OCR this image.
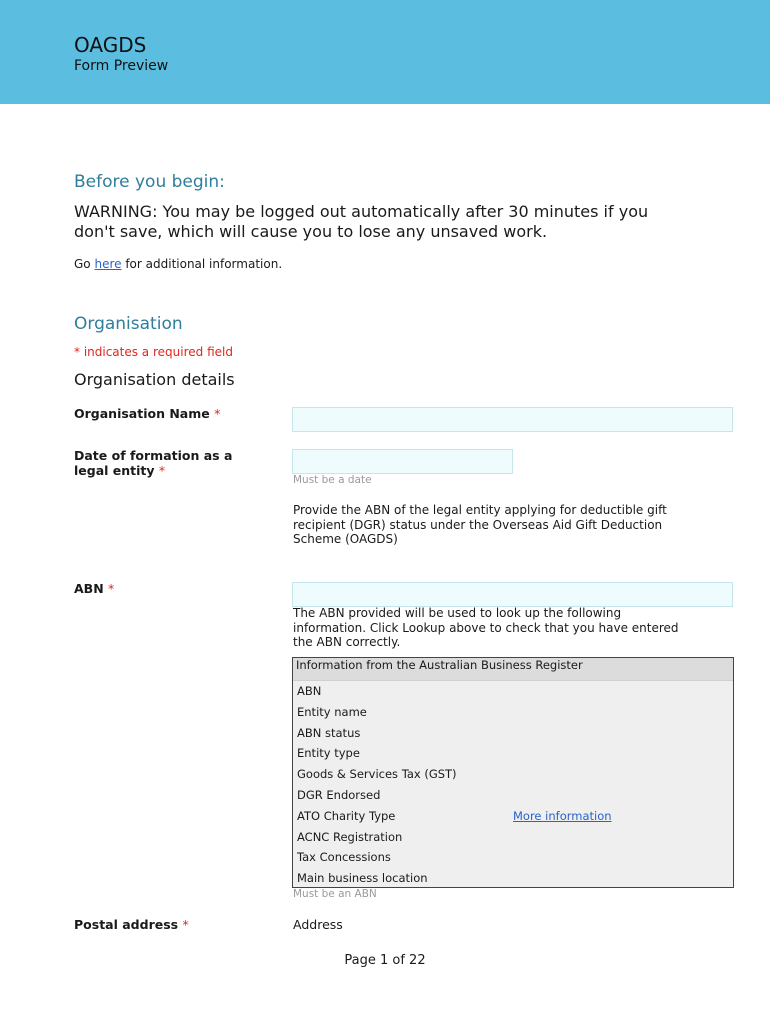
OAGDS
Form Preview
Before you begin:
WARNING: You may be logged out automatically after 30 minutes if you don't save, which will cause you to lose any unsaved work.
Go here for additional information.
Organisation
* indicates a required field
Organisation details
Organisation Name *
Date of formation as a legal entity *
Must be a date
Provide the ABN of the legal entity applying for deductible gift recipient (DGR) status under the Overseas Aid Gift Deduction Scheme (OAGDS)
ABN *
The ABN provided will be used to look up the following information. Click Lookup above to check that you have entered the ABN correctly.
Information from the Australian Business Register
ABN
Entity name
ABN status
Entity type
Goods & Services Tax (GST)
DGR Endorsed
ATO Charity Type	More information
ACNC Registration
Tax Concessions
Main business location
Must be an ABN
Postal address *	Address
Page 1 of 22
